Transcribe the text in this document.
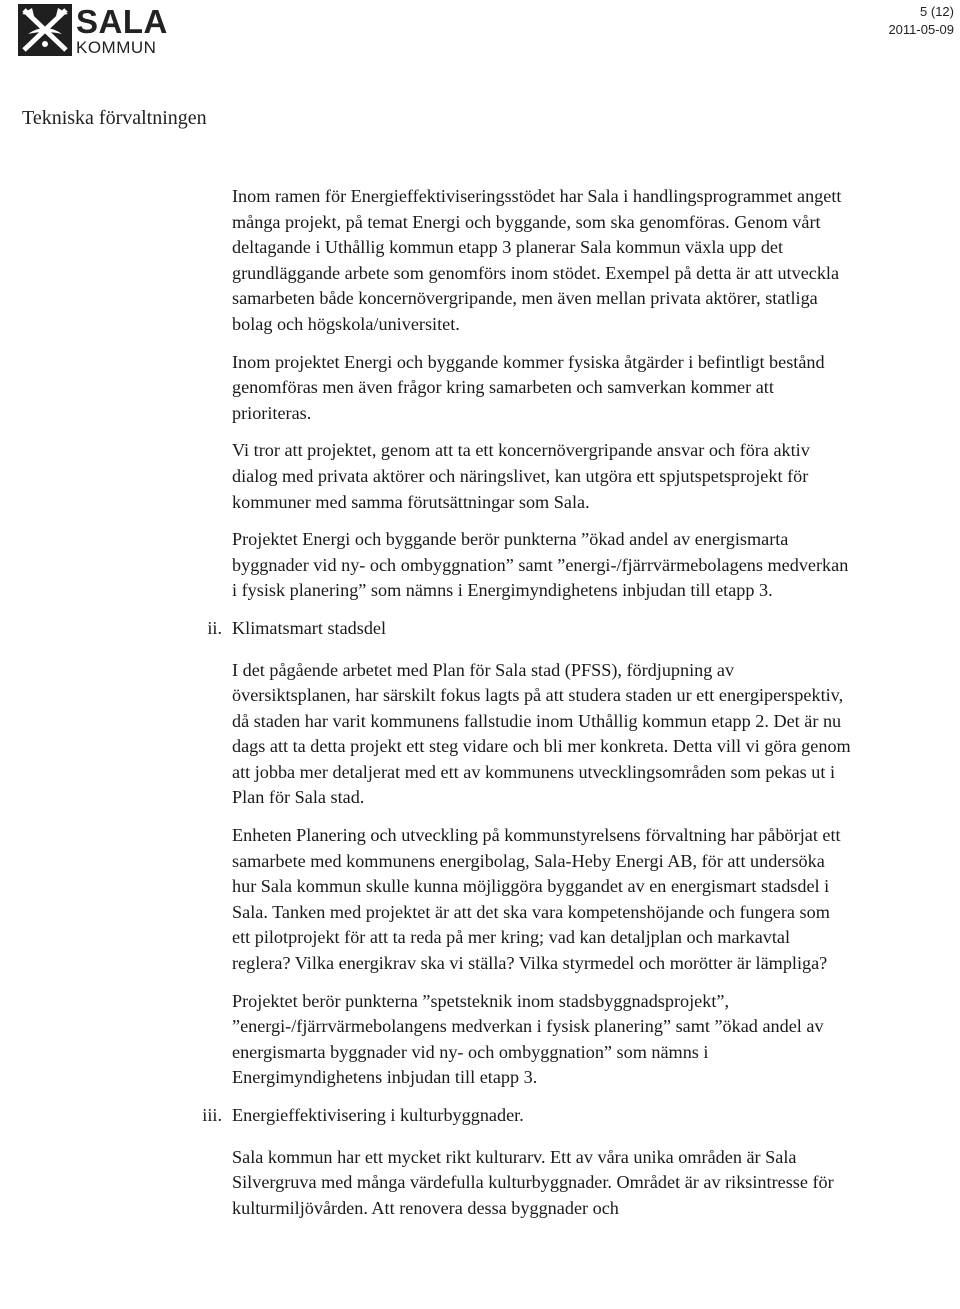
SALA
KOMMUN
5 (12)
2011-05-09
Tekniska förvaltningen

Inom ramen för Energieffektiviseringsstödet har Sala i handlingsprogrammet angett många projekt, på temat Energi och byggande, som ska genomföras. Genom vårt deltagande i Uthållig kommun etapp 3 planerar Sala kommun växla upp det grundläggande arbete som genomförs inom stödet. Exempel på detta är att utveckla samarbeten både koncernövergripande, men även mellan privata aktörer, statliga bolag och högskola/universitet.

Inom projektet Energi och byggande kommer fysiska åtgärder i befintligt bestånd genomföras men även frågor kring samarbeten och samverkan kommer att prioriteras.

Vi tror att projektet, genom att ta ett koncernövergripande ansvar och föra aktiv dialog med privata aktörer och näringslivet, kan utgöra ett spjutspetsprojekt för kommuner med samma förutsättningar som Sala.

Projektet Energi och byggande berör punkterna ”ökad andel av energismarta byggnader vid ny- och ombyggnation” samt ”energi-/fjärrvärmebolagens medverkan i fysisk planering” som nämns i Energimyndighetens inbjudan till etapp 3.

ii. Klimatsmart stadsdel

I det pågående arbetet med Plan för Sala stad (PFSS), fördjupning av översiktsplanen, har särskilt fokus lagts på att studera staden ur ett energiperspektiv, då staden har varit kommunens fallstudie inom Uthållig kommun etapp 2. Det är nu dags att ta detta projekt ett steg vidare och bli mer konkreta. Detta vill vi göra genom att jobba mer detaljerat med ett av kommunens utvecklingsområden som pekas ut i Plan för Sala stad.

Enheten Planering och utveckling på kommunstyrelsens förvaltning har påbörjat ett samarbete med kommunens energibolag, Sala-Heby Energi AB, för att undersöka hur Sala kommun skulle kunna möjliggöra byggandet av en energismart stadsdel i Sala. Tanken med projektet är att det ska vara kompetenshöjande och fungera som ett pilotprojekt för att ta reda på mer kring; vad kan detaljplan och markavtal reglera? Vilka energikrav ska vi ställa? Vilka styrmedel och morötter är lämpliga?

Projektet berör punkterna ”spetsteknik inom stadsbyggnadsprojekt”, ”energi-/fjärrvärmebolangens medverkan i fysisk planering” samt ”ökad andel av energismarta byggnader vid ny- och ombyggnation” som nämns i Energimyndighetens inbjudan till etapp 3.

iii. Energieffektivisering i kulturbyggnader.

Sala kommun har ett mycket rikt kulturarv. Ett av våra unika områden är Sala Silvergruva med många värdefulla kulturbyggnader. Området är av riksintresse för kulturmiljövården. Att renovera dessa byggnader och
